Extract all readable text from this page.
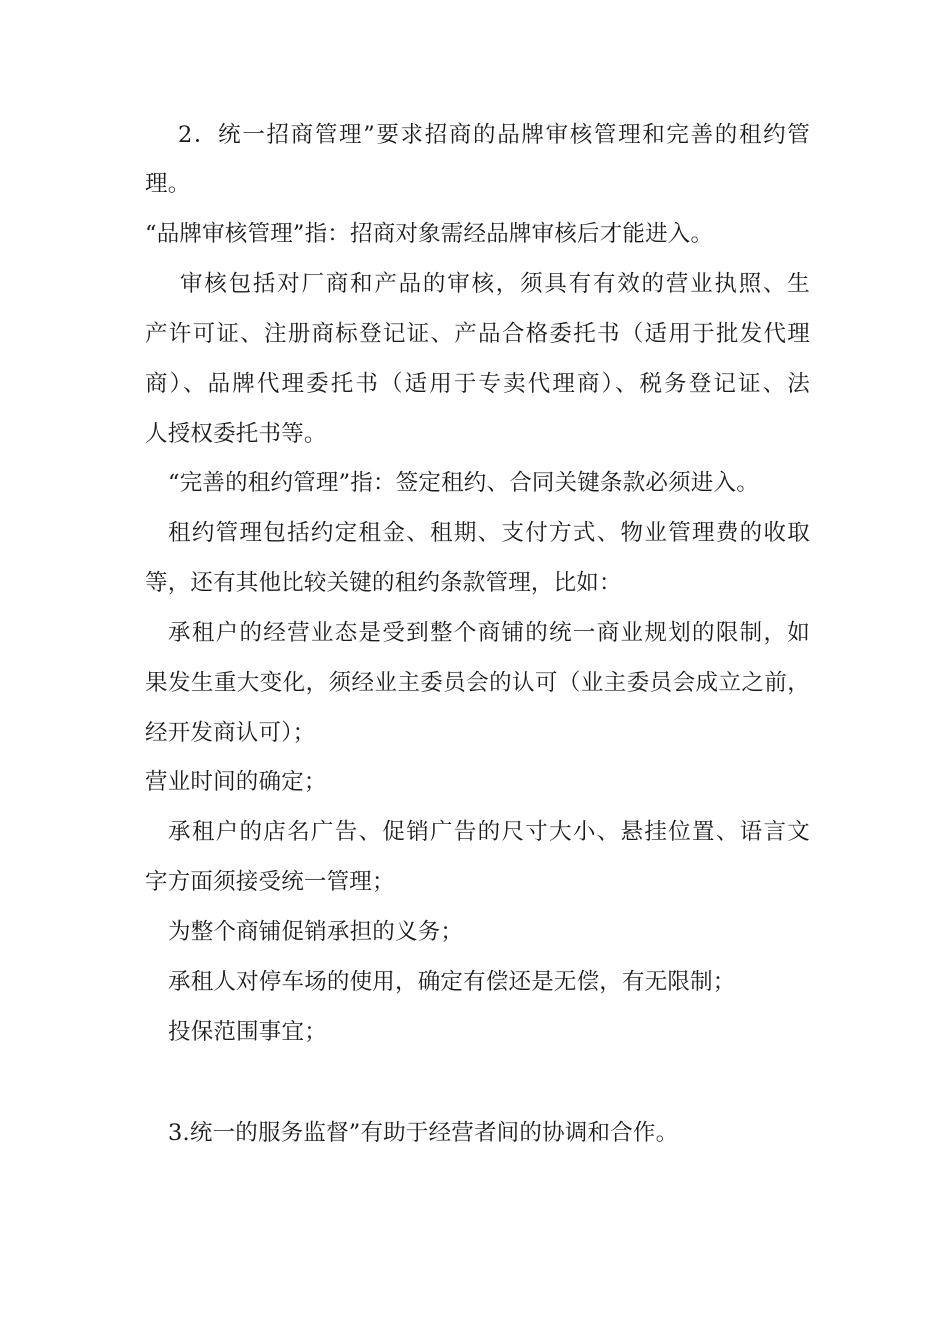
2．统一招商管理”要求招商的品牌审核管理和完善的租约管
理。
“品牌审核管理”指：招商对象需经品牌审核后才能进入。
审核包括对厂商和产品的审核，须具有有效的营业执照、生
产许可证、注册商标登记证、产品合格委托书（适用于批发代理
商）、品牌代理委托书（适用于专卖代理商）、税务登记证、法
人授权委托书等。
“完善的租约管理”指：签定租约、合同关键条款必须进入。
租约管理包括约定租金、租期、支付方式、物业管理费的收取
等，还有其他比较关键的租约条款管理，比如：
承租户的经营业态是受到整个商铺的统一商业规划的限制，如
果发生重大变化，须经业主委员会的认可（业主委员会成立之前，
经开发商认可）；
营业时间的确定；
承租户的店名广告、促销广告的尺寸大小、悬挂位置、语言文
字方面须接受统一管理；
为整个商铺促销承担的义务；
承租人对停车场的使用，确定有偿还是无偿，有无限制；
投保范围事宜；
3.统一的服务监督”有助于经营者间的协调和合作。
